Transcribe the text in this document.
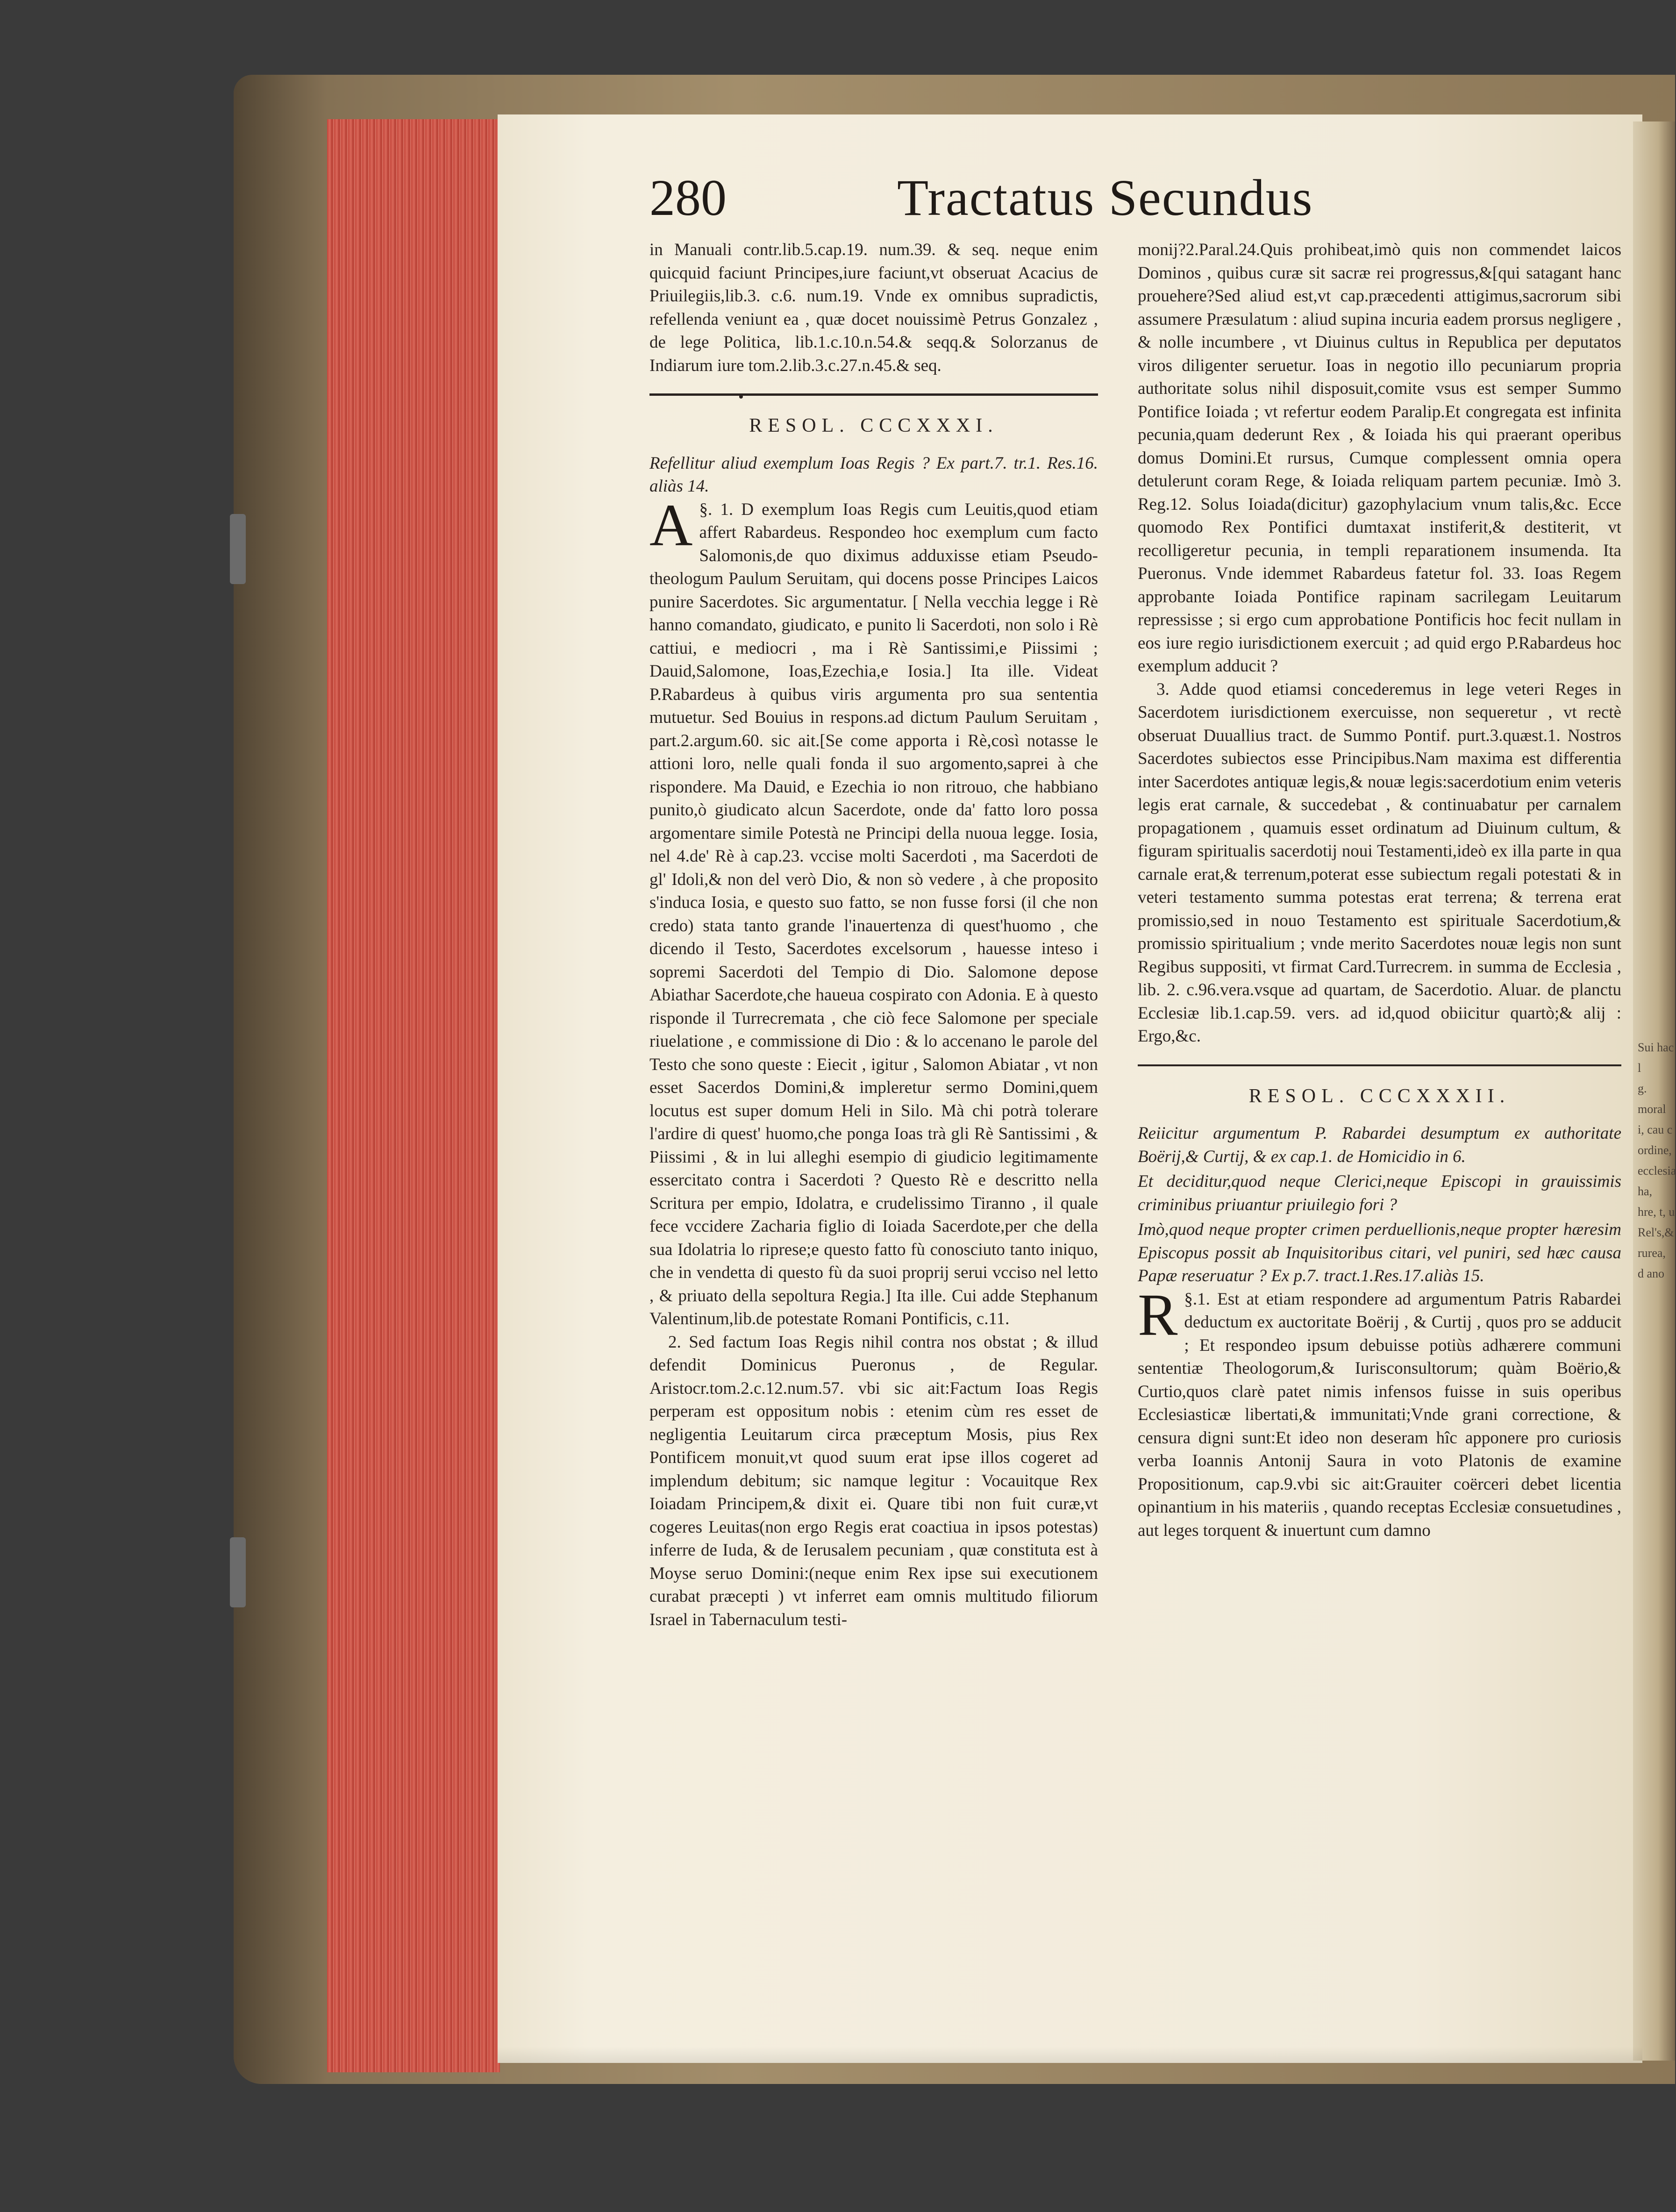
Sui hac l
g. moral
i, cau c
ordine,
ecclesia
ha,
hre, t, u
Rel's,&
rurea,
d ano
280	Tractatus Secundus

in Manuali contr.lib.5.cap.19. num.39. & seq. neque enim quicquid faciunt Principes,iure faciunt,vt obseruat Acacius de Priuilegiis,lib.3. c.6. num.19. Vnde ex omnibus supradictis, refellenda veniunt ea , quæ docet nouissimè Petrus Gonzalez , de lege Politica, lib.1.c.10.n.54.& seqq.& Solorzanus de Indiarum iure tom.2.lib.3.c.27.n.45.& seq.

•
RESOL. CCCXXXI.

Refellitur aliud exemplum Ioas Regis ? Ex part.7. tr.1. Res.16. aliàs 14.

§. 1.
A	D exemplum Ioas Regis cum Leuitis,quod etiam affert Rabardeus. Respondeo hoc exemplum cum facto Salomonis,de quo diximus adduxisse etiam Pseudo-theologum Paulum Seruitam, qui docens posse Principes Laicos punire Sacerdotes. Sic argumentatur. [ Nella vecchia legge i Rè hanno comandato, giudicato, e punito li Sacerdoti, non solo i Rè cattiui, e mediocri , ma i Rè Santissimi,e Piissimi ; Dauid,Salomone, Ioas,Ezechia,e Iosia.] Ita ille. Videat P.Rabardeus à quibus viris argumenta pro sua sententia mutuetur. Sed Bouius in respons.ad dictum Paulum Seruitam , part.2.argum.60. sic ait.[Se come apporta i Rè,così notasse le attioni loro, nelle quali fonda il suo argomento,saprei à che rispondere. Ma Dauid, e Ezechia io non ritrouo, che habbiano punito,ò giudicato alcun Sacerdote, onde da' fatto loro possa argomentare simile Potestà ne Principi della nuoua legge. Iosia, nel 4.de' Rè à cap.23. vccise molti Sacerdoti , ma Sacerdoti de gl' Idoli,& non del verò Dio, & non sò vedere , à che proposito s'induca Iosia, e questo suo fatto, se non fusse forsi (il che non credo) stata tanto grande l'inauertenza di quest'huomo , che dicendo il Testo, Sacerdotes excelsorum , hauesse inteso i sopremi Sacerdoti del Tempio di Dio. Salomone depose Abiathar Sacerdote,che haueua cospirato con Adonia. E à questo risponde il Turrecremata , che ciò fece Salomone per speciale riuelatione , e commissione di Dio : & lo accenano le parole del Testo che sono queste : Eiecit , igitur , Salomon Abiatar , vt non esset Sacerdos Domini,& impleretur sermo Domini,quem locutus est super domum Heli in Silo. Mà chi potrà tolerare l'ardire di quest' huomo,che ponga Ioas trà gli Rè Santissimi , & Piissimi , & in lui alleghi esempio di giudicio legitimamente essercitato contra i Sacerdoti ? Questo Rè e descritto nella Scritura per empio, Idolatra, e crudelissimo Tiranno , il quale fece vccidere Zacharia figlio di Ioiada Sacerdote,per che della sua Idolatria lo riprese;e questo fatto fù conosciuto tanto iniquo, che in vendetta di questo fù da suoi proprij serui vcciso nel letto , & priuato della sepoltura Regia.] Ita ille. Cui adde Stephanum Valentinum,lib.de potestate Romani Pontificis, c.11.

2. Sed factum Ioas Regis nihil contra nos obstat ; & illud defendit Dominicus Pueronus , de Regular. Aristocr.tom.2.c.12.num.57. vbi sic ait:Factum Ioas Regis perperam est oppositum nobis : etenim cùm res esset de negligentia Leuitarum circa præceptum Mosis, pius Rex Pontificem monuit,vt quod suum erat ipse illos cogeret ad implendum debitum; sic namque legitur : Vocauitque Rex Ioiadam Principem,& dixit ei. Quare tibi non fuit curæ,vt cogeres Leuitas(non ergo Regis erat coactiua in ipsos potestas) inferre de Iuda, & de Ierusalem pecuniam , quæ constituta est à Moyse seruo Domini:(neque enim Rex ipse sui executionem curabat præcepti ) vt inferret eam omnis multitudo filiorum Israel in Tabernaculum testi-

monij?2.Paral.24.Quis prohibeat,imò quis non commendet laicos Dominos , quibus curæ sit sacræ rei progressus,&[qui satagant hanc prouehere?Sed aliud est,vt cap.præcedenti attigimus,sacrorum sibi assumere Præsulatum : aliud supina incuria eadem prorsus negligere , & nolle incumbere , vt Diuinus cultus in Republica per deputatos viros diligenter seruetur. Ioas in negotio illo pecuniarum propria authoritate solus nihil disposuit,comite vsus est semper Summo Pontifice Ioiada ; vt refertur eodem Paralip.Et congregata est infinita pecunia,quam dederunt Rex , & Ioiada his qui praerant operibus domus Domini.Et rursus, Cumque complessent omnia opera detulerunt coram Rege, & Ioiada reliquam partem pecuniæ. Imò 3. Reg.12. Solus Ioiada(dicitur) gazophylacium vnum talis,&c. Ecce quomodo Rex Pontifici dumtaxat instiferit,& destiterit, vt recolligeretur pecunia, in templi reparationem insumenda. Ita Pueronus. Vnde idemmet Rabardeus fatetur fol. 33. Ioas Regem approbante Ioiada Pontifice rapinam sacrilegam Leuitarum repressisse ; si ergo cum approbatione Pontificis hoc fecit nullam in eos iure regio iurisdictionem exercuit ; ad quid ergo P.Rabardeus hoc exemplum adducit ?

3. Adde quod etiamsi concederemus in lege veteri Reges in Sacerdotem iurisdictionem exercuisse, non sequeretur , vt rectè obseruat Duuallius tract. de Summo Pontif. purt.3.quæst.1. Nostros Sacerdotes subiectos esse Principibus.Nam maxima est differentia inter Sacerdotes antiquæ legis,& nouæ legis:sacerdotium enim veteris legis erat carnale, & succedebat , & continuabatur per carnalem propagationem , quamuis esset ordinatum ad Diuinum cultum, & figuram spiritualis sacerdotij noui Testamenti,ideò ex illa parte in qua carnale erat,& terrenum,poterat esse subiectum regali potestati & in veteri testamento summa potestas erat terrena; & terrena erat promissio,sed in nouo Testamento est spirituale Sacerdotium,& promissio spiritualium ; vnde merito Sacerdotes nouæ legis non sunt Regibus suppositi, vt firmat Card.Turrecrem. in summa de Ecclesia , lib. 2. c.96.vera.vsque ad quartam, de Sacerdotio. Aluar. de planctu Ecclesiæ lib.1.cap.59. vers. ad id,quod obiicitur quartò;& alij : Ergo,&c.

RESOL. CCCXXXII.

Reiicitur argumentum P. Rabardei desumptum ex authoritate Boërij,& Curtij, & ex cap.1. de Homicidio in 6.

Et deciditur,quod neque Clerici,neque Episcopi in grauissimis criminibus priuantur priuilegio fori ?

Imò,quod neque propter crimen perduellionis,neque propter hæresim Episcopus possit ab Inquisitoribus citari, vel puniri, sed hæc causa Papæ reseruatur ? Ex p.7. tract.1.Res.17.aliàs 15.

§.1.
R Est at etiam respondere ad argumentum Patris Rabardei deductum ex auctoritate Boërij , & Curtij , quos pro se adducit ; Et respondeo ipsum debuisse potiùs adhærere communi sententiæ Theologorum,& Iurisconsultorum; quàm Boërio,& Curtio,quos clarè patet nimis infensos fuisse in suis operibus Ecclesiasticæ libertati,& immunitati;Vnde grani correctione, & censura digni sunt:Et ideo non deseram hîc apponere pro curiosis verba Ioannis Antonij Saura in voto Platonis de examine Propositionum, cap.9.vbi sic ait:Grauiter coërceri debet licentia opinantium in his materiis , quando receptas Ecclesiæ consuetudines , aut leges torquent & inuertunt cum damno
